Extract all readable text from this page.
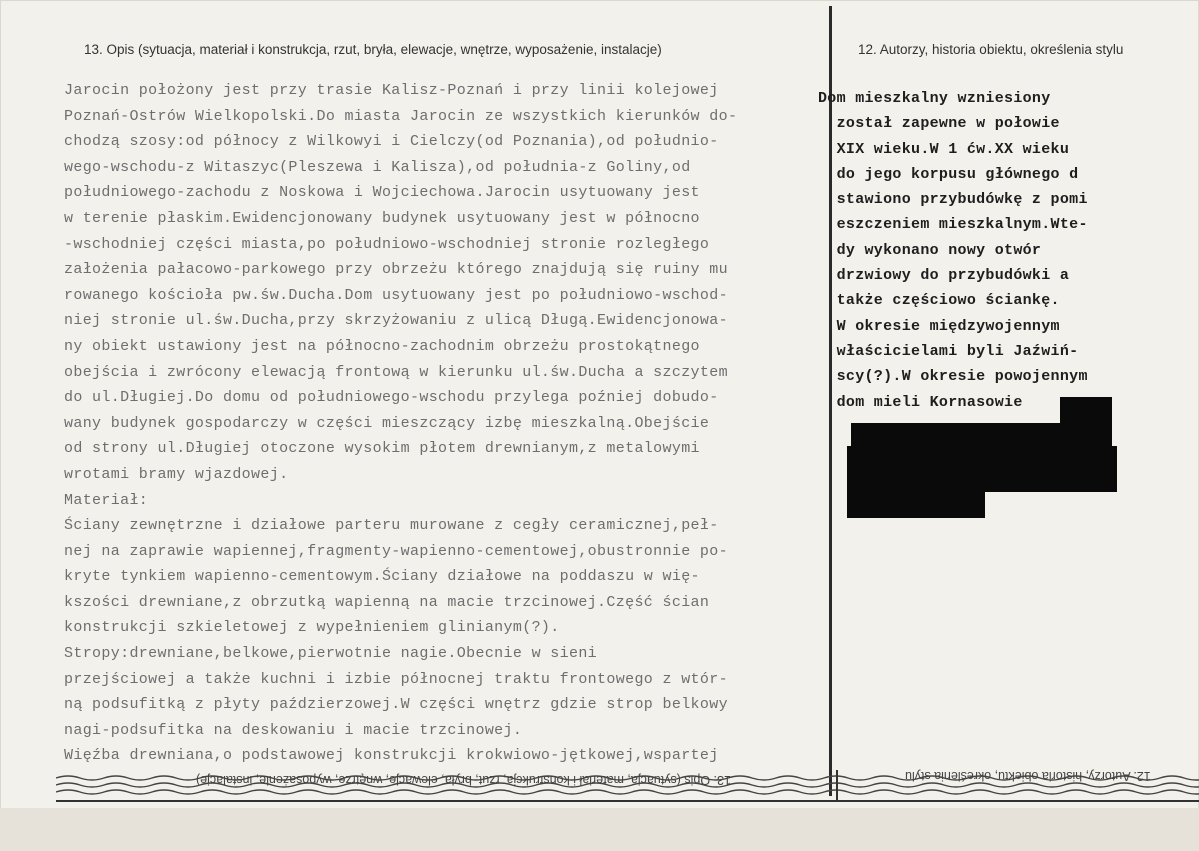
13. Opis (sytuacja, materiał i konstrukcja, rzut, bryła, elewacje, wnętrze, wyposażenie, instalacje)	12. Autorzy, historia obiektu, określenia stylu
Jarocin położony jest przy trasie Kalisz-Poznań i przy linii kolejowej
Poznań-Ostrów Wielkopolski.Do miasta Jarocin ze wszystkich kierunków do-
chodzą szosy:od północy z Wilkowyi i Cielczy(od Poznania),od południo-
wego-wschodu-z Witaszyc(Pleszewa i Kalisza),od południa-z Goliny,od
południowego-zachodu z Noskowa i Wojciechowa.Jarocin usytuowany jest
w terenie płaskim.Ewidencjonowany budynek usytuowany jest w północno
-wschodniej części miasta,po południowo-wschodniej stronie rozległego
założenia pałacowo-parkowego przy obrzeżu którego znajdują się ruiny mu
rowanego kościoła pw.św.Ducha.Dom usytuowany jest po południowo-wschod-
niej stronie ul.św.Ducha,przy skrzyżowaniu z ulicą Długą.Ewidencjonowa-
ny obiekt ustawiony jest na północno-zachodnim obrzeżu prostokątnego
obejścia i zwrócony elewacją frontową w kierunku ul.św.Ducha a szczytem
do ul.Długiej.Do domu od południowego-wschodu przylega poźniej dobudo-
wany budynek gospodarczy w części mieszczący izbę mieszkalną.Obejście
od strony ul.Długiej otoczone wysokim płotem drewnianym,z metalowymi
wrotami bramy wjazdowej.
Materiał:
Ściany zewnętrzne i działowe parteru murowane z cegły ceramicznej,peł-
nej na zaprawie wapiennej,fragmenty-wapienno-cementowej,obustronnie po-
kryte tynkiem wapienno-cementowym.Ściany działowe na poddaszu w wię-
kszości drewniane,z obrzutką wapienną na macie trzcinowej.Część ścian
konstrukcji szkieletowej z wypełnieniem glinianym(?).
Stropy:drewniane,belkowe,pierwotnie nagie.Obecnie w sieni
przejściowej a także kuchni i izbie północnej traktu frontowego z wtór-
ną podsufitką z płyty paździerzowej.W części wnętrz gdzie strop belkowy
nagi-podsufitka na deskowaniu i macie trzcinowej.
Więźba drewniana,o podstawowej konstrukcji krokwiowo-jętkowej,wspartej
Dom mieszkalny wzniesiony
został zapewne w połowie
XIX wieku.W 1 ćw.XX wieku
do jego korpusu głównego d
stawiono przybudówkę z pomi
eszczeniem mieszkalnym.Wte-
dy wykonano nowy otwór
drzwiowy do przybudówki a
także częściowo ściankę.
W okresie międzywojennym
właścicielami byli Jaźwiń-
scy(?).W okresie powojennym
dom mieli Kornasowie
13. Opis (sytuacja, materiał i konstrukcja, rzut, bryła, elewacje, wnętrze, wyposażenie, instalacje)	12. Autorzy, historia obiektu, określenia stylu
